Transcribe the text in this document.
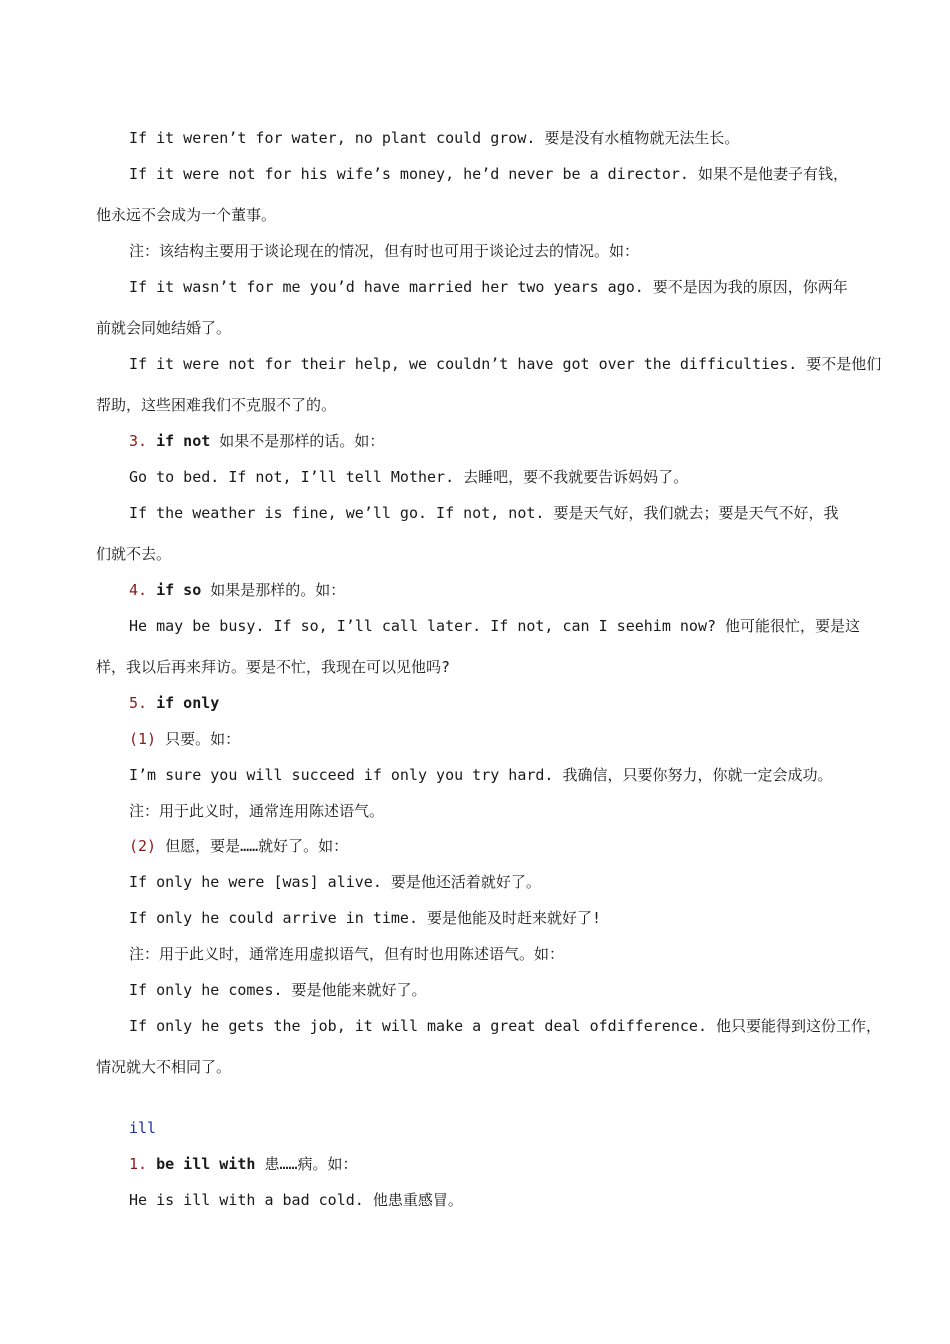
If it weren’t for water, no plant could grow. 要是没有水植物就无法生长。
If it were not for his wife’s money, he’d never be a director. 如果不是他妻子有钱，
他永远不会成为一个董事。
注：该结构主要用于谈论现在的情况，但有时也可用于谈论过去的情况。如：
If it wasn’t for me you’d have married her two years ago. 要不是因为我的原因，你两年
前就会同她结婚了。
If it were not for their help, we couldn’t have got over the difficulties. 要不是他们
帮助，这些困难我们不克服不了的。
3. if not 如果不是那样的话。如：
Go to bed. If not, I’ll tell Mother. 去睡吧，要不我就要告诉妈妈了。
If the weather is fine, we’ll go. If not, not. 要是天气好，我们就去；要是天气不好，我
们就不去。
4. if so 如果是那样的。如：
He may be busy. If so, I’ll call later. If not, can I seehim now? 他可能很忙，要是这
样，我以后再来拜访。要是不忙，我现在可以见他吗?
5. if only
(1) 只要。如：
I’m sure you will succeed if only you try hard. 我确信，只要你努力，你就一定会成功。
注：用于此义时，通常连用陈述语气。
(2) 但愿，要是……就好了。如：
If only he were [was] alive. 要是他还活着就好了。
If only he could arrive in time. 要是他能及时赶来就好了!
注：用于此义时，通常连用虚拟语气，但有时也用陈述语气。如：
If only he comes. 要是他能来就好了。
If only he gets the job, it will make a great deal ofdifference. 他只要能得到这份工作，
情况就大不相同了。
ill
1. be ill with 患……病。如：
He is ill with a bad cold. 他患重感冒。
